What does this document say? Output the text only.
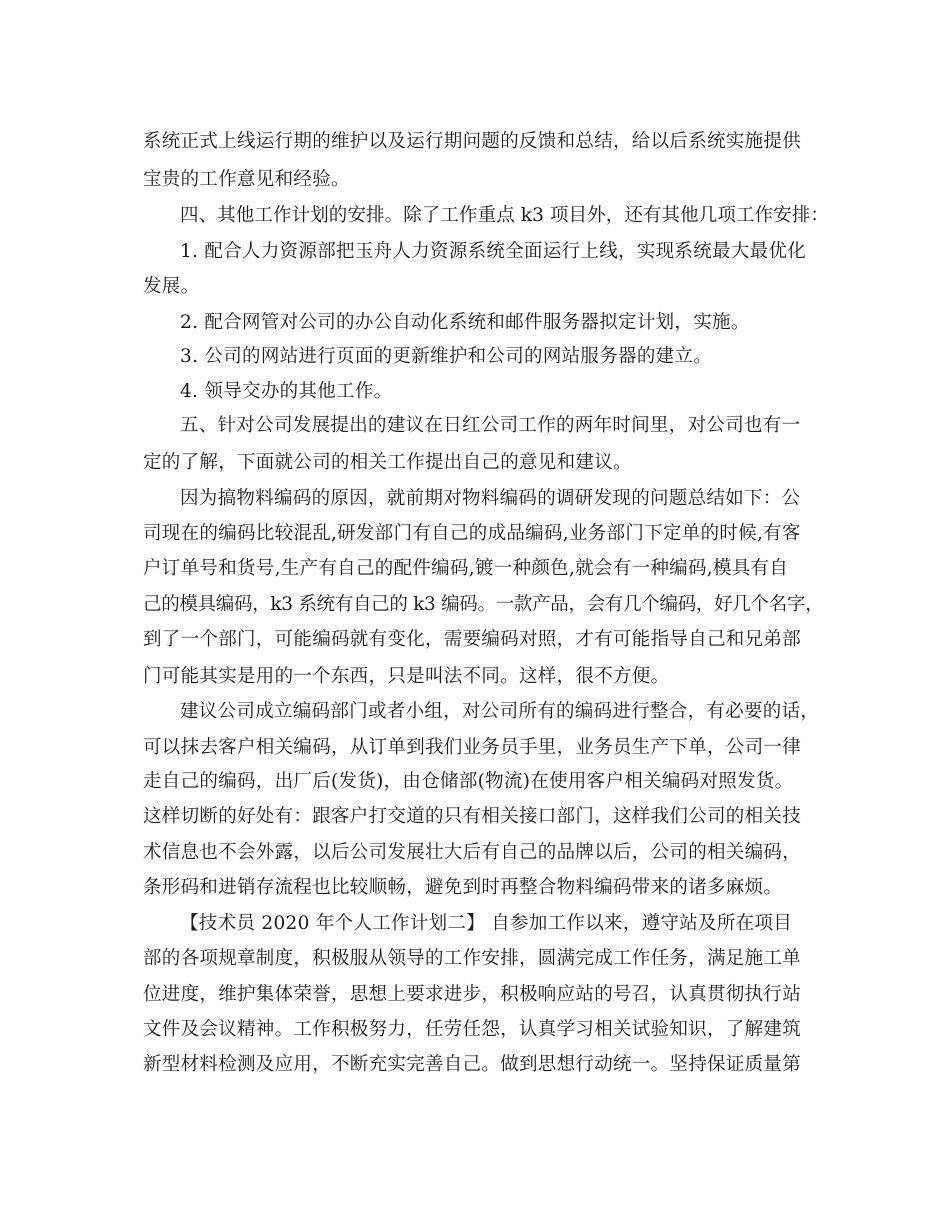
系统正式上线运行期的维护以及运行期问题的反馈和总结，给以后系统实施提供
宝贵的工作意见和经验。
四、其他工作计划的安排。除了工作重点 k3 项目外，还有其他几项工作安排：
1. 配合人力资源部把玉舟人力资源系统全面运行上线，实现系统最大最优化
发展。
2. 配合网管对公司的办公自动化系统和邮件服务器拟定计划，实施。
3. 公司的网站进行页面的更新维护和公司的网站服务器的建立。
4. 领导交办的其他工作。
五、针对公司发展提出的建议在日红公司工作的两年时间里，对公司也有一
定的了解，下面就公司的相关工作提出自己的意见和建议。
因为搞物料编码的原因，就前期对物料编码的调研发现的问题总结如下：公
司现在的编码比较混乱,研发部门有自己的成品编码,业务部门下定单的时候,有客
户订单号和货号,生产有自己的配件编码,镀一种颜色,就会有一种编码,模具有自
己的模具编码，k3 系统有自己的 k3 编码。一款产品，会有几个编码，好几个名字，
到了一个部门，可能编码就有变化，需要编码对照，才有可能指导自己和兄弟部
门可能其实是用的一个东西，只是叫法不同。这样，很不方便。
建议公司成立编码部门或者小组，对公司所有的编码进行整合，有必要的话，
可以抹去客户相关编码，从订单到我们业务员手里，业务员生产下单，公司一律
走自己的编码，出厂后(发货)，由仓储部(物流)在使用客户相关编码对照发货。
这样切断的好处有：跟客户打交道的只有相关接口部门，这样我们公司的相关技
术信息也不会外露，以后公司发展壮大后有自己的品牌以后，公司的相关编码，
条形码和进销存流程也比较顺畅，避免到时再整合物料编码带来的诸多麻烦。
【技术员 2020 年个人工作计划二】 自参加工作以来，遵守站及所在项目
部的各项规章制度，积极服从领导的工作安排，圆满完成工作任务，满足施工单
位进度，维护集体荣誉，思想上要求进步，积极响应站的号召，认真贯彻执行站
文件及会议精神。工作积极努力，任劳任怨，认真学习相关试验知识，了解建筑
新型材料检测及应用，不断充实完善自己。做到思想行动统一。坚持保证质量第
